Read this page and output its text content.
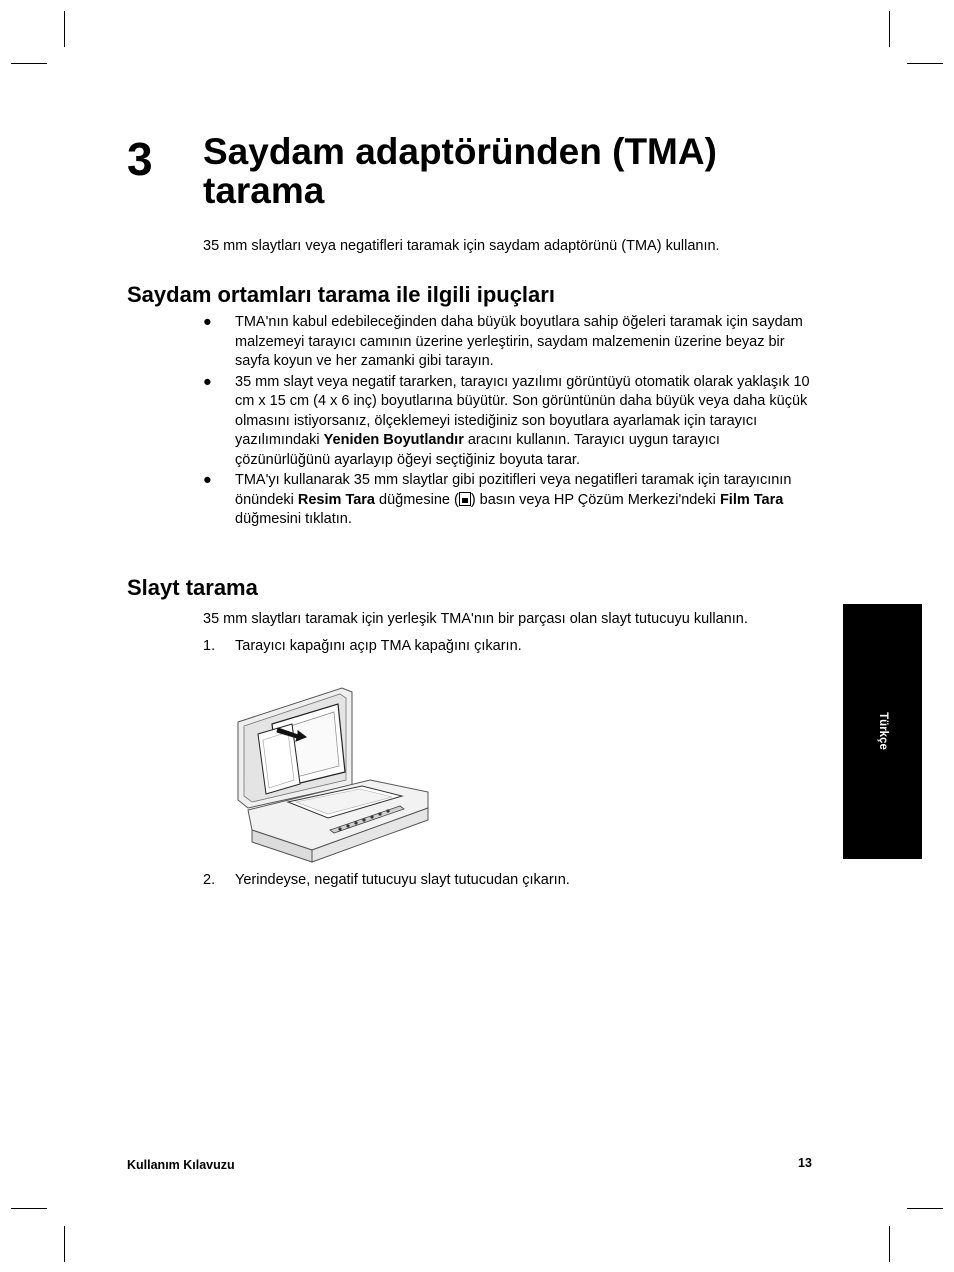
3 Saydam adaptöründen (TMA) tarama

35 mm slaytları veya negatifleri taramak için saydam adaptörünü (TMA) kullanın.

Saydam ortamları tarama ile ilgili ipuçları
● TMA'nın kabul edebileceğinden daha büyük boyutlara sahip öğeleri taramak için saydam malzemeyi tarayıcı camının üzerine yerleştirin, saydam malzemenin üzerine beyaz bir sayfa koyun ve her zamanki gibi tarayın.
● 35 mm slayt veya negatif tararken, tarayıcı yazılımı görüntüyü otomatik olarak yaklaşık 10 cm x 15 cm (4 x 6 inç) boyutlarına büyütür. Son görüntünün daha büyük veya daha küçük olmasını istiyorsanız, ölçeklemeyi istediğiniz son boyutlara ayarlamak için tarayıcı yazılımındaki Yeniden Boyutlandır aracını kullanın. Tarayıcı uygun tarayıcı çözünürlüğünü ayarlayıp öğeyi seçtiğiniz boyuta tarar.
● TMA'yı kullanarak 35 mm slaytlar gibi pozitifleri veya negatifleri taramak için tarayıcının önündeki Resim Tara düğmesine ( ) basın veya HP Çözüm Merkezi'ndeki Film Tara düğmesini tıklatın.
Slayt tarama

35 mm slaytları taramak için yerleşik TMA'nın bir parçası olan slayt tutucuyu kullanın.

1. Tarayıcı kapağını açıp TMA kapağını çıkarın.
2. Yerindeyse, negatif tutucuyu slayt tutucudan çıkarın.
Türkçe
Kullanım Kılavuzu	13
